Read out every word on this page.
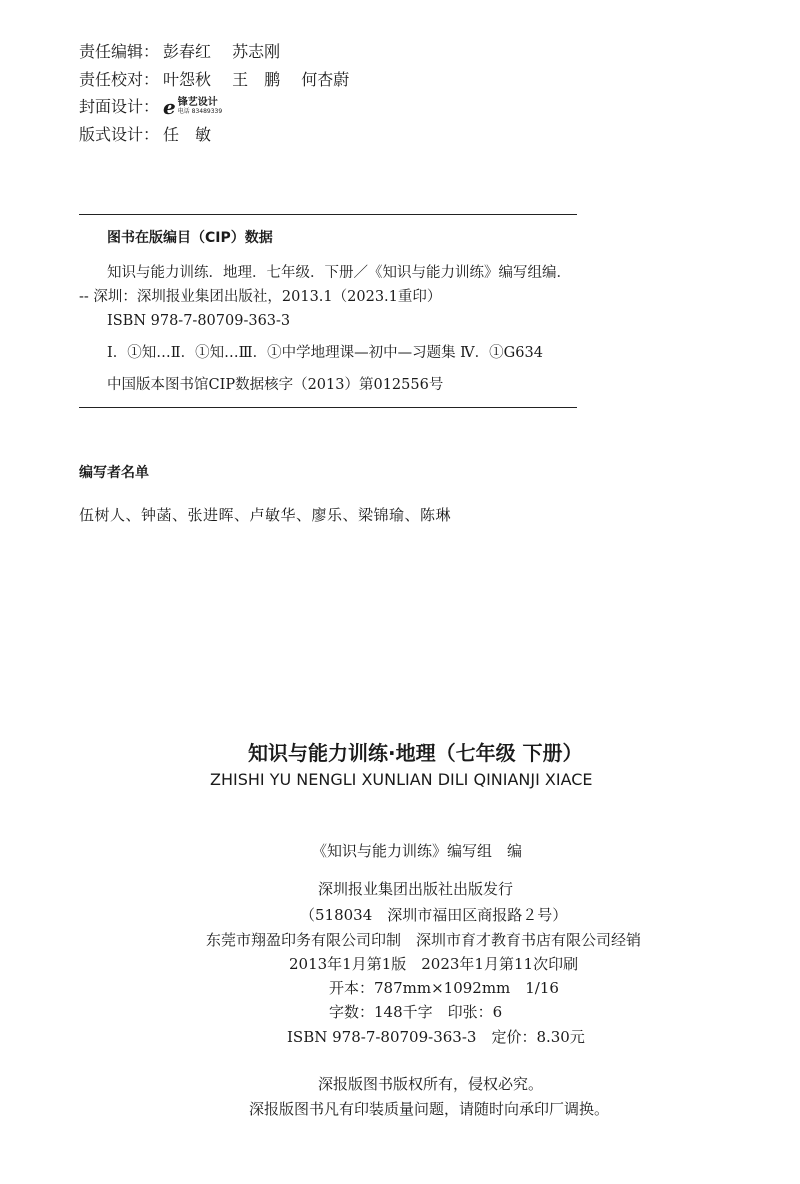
责任编辑： 彭春红 苏志刚
责任校对： 叶怨秋 王　鹏 何杏蔚
封面设计： e 锋艺设计
电话 83489339
版式设计： 任　敏
图书在版编目（CIP）数据
知识与能力训练．地理．七年级．下册／《知识与能力训练》编写组编．
-- 深圳：深圳报业集团出版社，2013.1（2023.1重印）
ISBN 978-7-80709-363-3
Ⅰ．①知…Ⅱ．①知…Ⅲ．①中学地理课—初中—习题集 Ⅳ．①G634
中国版本图书馆CIP数据核字（2013）第012556号
编写者名单
伍树人、钟菡、张进晖、卢敏华、廖乐、梁锦瑜、陈琳
知识与能力训练·地理（七年级 下册）
ZHISHI YU NENGLI XUNLIAN DILI QINIANJI XIACE
《知识与能力训练》编写组　编
深圳报业集团出版社出版发行
（518034　深圳市福田区商报路２号）
东莞市翔盈印务有限公司印制　深圳市育才教育书店有限公司经销
2013年1月第1版　2023年1月第11次印刷
开本：787mm×1092mm　1/16
字数：148千字　印张：6
ISBN 978-7-80709-363-3　定价：8.30元
深报版图书版权所有，侵权必究。
深报版图书凡有印装质量问题，请随时向承印厂调换。
